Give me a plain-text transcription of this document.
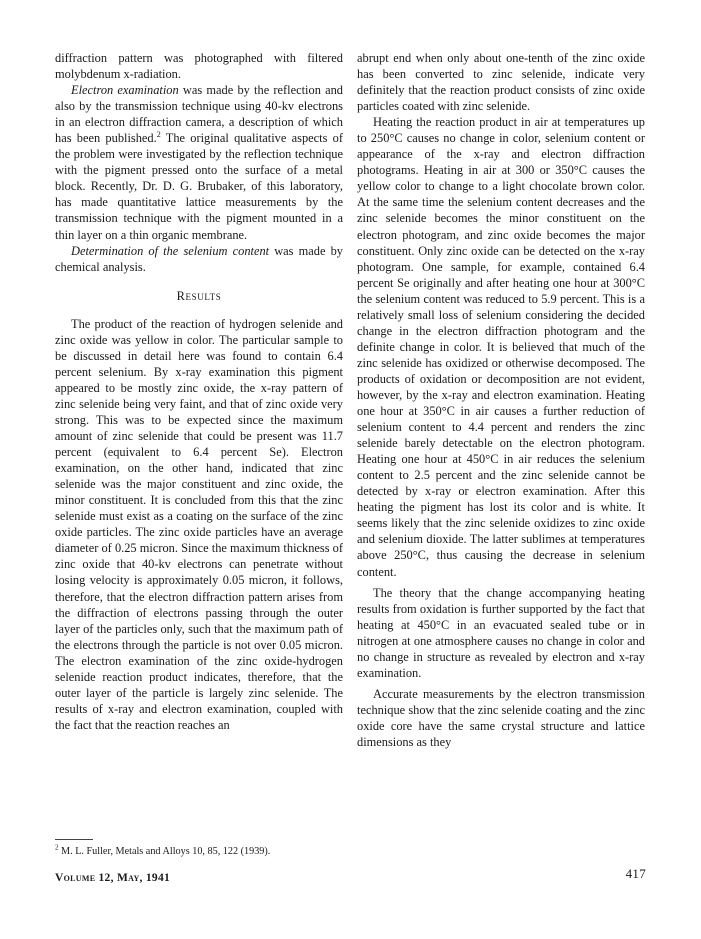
diffraction pattern was photographed with filtered molybdenum x-radiation.

Electron examination was made by the reflection and also by the transmission technique using 40-kv electrons in an electron diffraction camera, a description of which has been published.$^2$ The original qualitative aspects of the problem were investigated by the reflection technique with the pigment pressed onto the surface of a metal block. Recently, Dr. D. G. Brubaker, of this laboratory, has made quantitative lattice measurements by the transmission technique with the pigment mounted in a thin layer on a thin organic membrane.

Determination of the selenium content was made by chemical analysis.

Results

The product of the reaction of hydrogen selenide and zinc oxide was yellow in color. The particular sample to be discussed in detail here was found to contain 6.4 percent selenium. By x-ray examination this pigment appeared to be mostly zinc oxide, the x-ray pattern of zinc selenide being very faint, and that of zinc oxide very strong. This was to be expected since the maximum amount of zinc selenide that could be present was 11.7 percent (equivalent to 6.4 percent Se). Electron examination, on the other hand, indicated that zinc selenide was the major constituent and zinc oxide, the minor constituent. It is concluded from this that the zinc selenide must exist as a coating on the surface of the zinc oxide particles. The zinc oxide particles have an average diameter of 0.25 micron. Since the maximum thickness of zinc oxide that 40-kv electrons can penetrate without losing velocity is approximately 0.05 micron, it follows, therefore, that the electron diffraction pattern arises from the diffraction of electrons passing through the outer layer of the particles only, such that the maximum path of the electrons through the particle is not over 0.05 micron. The electron examination of the zinc oxide-hydrogen selenide reaction product indicates, therefore, that the outer layer of the particle is largely zinc selenide. The results of x-ray and electron examination, coupled with the fact that the reaction reaches an

abrupt end when only about one-tenth of the zinc oxide has been converted to zinc selenide, indicate very definitely that the reaction product consists of zinc oxide particles coated with zinc selenide.

Heating the reaction product in air at temperatures up to 250°C causes no change in color, selenium content or appearance of the x-ray and electron diffraction photograms. Heating in air at 300 or 350°C causes the yellow color to change to a light chocolate brown color. At the same time the selenium content decreases and the zinc selenide becomes the minor constituent on the electron photogram, and zinc oxide becomes the major constituent. Only zinc oxide can be detected on the x-ray photogram. One sample, for example, contained 6.4 percent Se originally and after heating one hour at 300°C the selenium content was reduced to 5.9 percent. This is a relatively small loss of selenium considering the decided change in the electron diffraction photogram and the definite change in color. It is believed that much of the zinc selenide has oxidized or otherwise decomposed. The products of oxidation or decomposition are not evident, however, by the x-ray and electron examination. Heating one hour at 350°C in air causes a further reduction of selenium content to 4.4 percent and renders the zinc selenide barely detectable on the electron photogram. Heating one hour at 450°C in air reduces the selenium content to 2.5 percent and the zinc selenide cannot be detected by x-ray or electron examination. After this heating the pigment has lost its color and is white. It seems likely that the zinc selenide oxidizes to zinc oxide and selenium dioxide. The latter sublimes at temperatures above 250°C, thus causing the decrease in selenium content.

The theory that the change accompanying heating results from oxidation is further supported by the fact that heating at 450°C in an evacuated sealed tube or in nitrogen at one atmosphere causes no change in color and no change in structure as revealed by electron and x-ray examination.

Accurate measurements by the electron transmission technique show that the zinc selenide coating and the zinc oxide core have the same crystal structure and lattice dimensions as they

$^2$ M. L. Fuller, Metals and Alloys 10, 85, 122 (1939).
Volume 12, May, 1941	417
